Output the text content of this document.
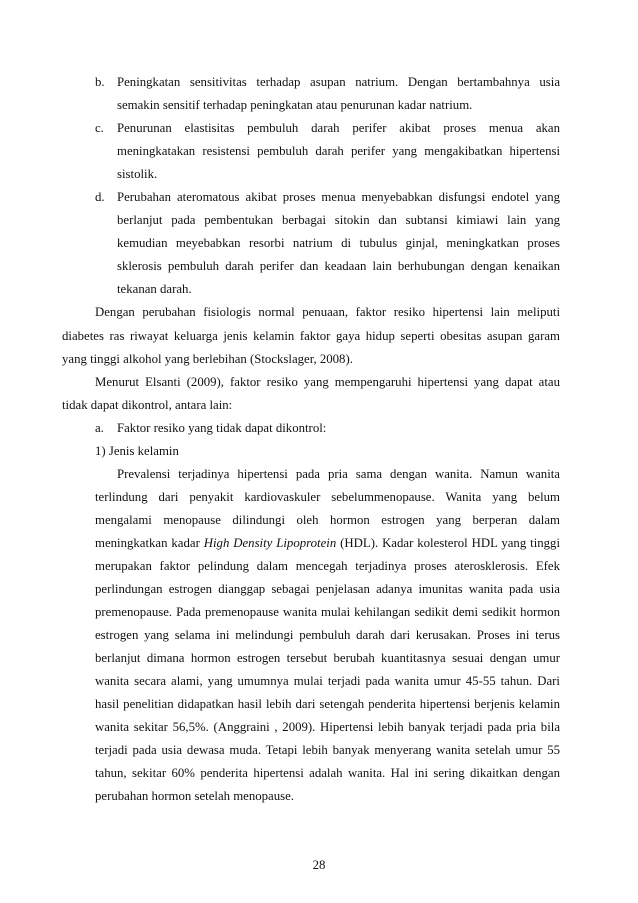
b. Peningkatan sensitivitas terhadap asupan natrium. Dengan bertambahnya usia
semakin sensitif terhadap peningkatan atau penurunan kadar natrium.
c. Penurunan elastisitas pembuluh darah perifer akibat proses menua akan
meningkatakan resistensi pembuluh darah perifer yang mengakibatkan hipertensi
sistolik.
d. Perubahan ateromatous akibat proses menua menyebabkan disfungsi endotel yang
berlanjut pada pembentukan berbagai sitokin dan subtansi kimiawi lain yang
kemudian meyebabkan resorbi natrium di tubulus ginjal, meningkatkan proses
sklerosis pembuluh darah perifer dan keadaan lain berhubungan dengan kenaikan
tekanan darah.
Dengan perubahan fisiologis normal penuaan, faktor resiko hipertensi lain meliputi
diabetes ras riwayat keluarga jenis kelamin faktor gaya hidup seperti obesitas asupan garam
yang tinggi alkohol yang berlebihan (Stockslager, 2008).
Menurut Elsanti (2009), faktor resiko yang mempengaruhi hipertensi yang dapat atau
tidak dapat dikontrol, antara lain:
a. Faktor resiko yang tidak dapat dikontrol:
1) Jenis kelamin
Prevalensi terjadinya hipertensi pada pria sama dengan wanita. Namun wanita
terlindung dari penyakit kardiovaskuler sebelummenopause. Wanita yang belum
mengalami menopause dilindungi oleh hormon estrogen yang berperan dalam
meningkatkan kadar High Density Lipoprotein (HDL). Kadar kolesterol HDL yang tinggi
merupakan faktor pelindung dalam mencegah terjadinya proses aterosklerosis. Efek
perlindungan estrogen dianggap sebagai penjelasan adanya imunitas wanita pada usia
premenopause. Pada premenopause wanita mulai kehilangan sedikit demi sedikit hormon
estrogen yang selama ini melindungi pembuluh darah dari kerusakan. Proses ini terus
berlanjut dimana hormon estrogen tersebut berubah kuantitasnya sesuai dengan umur
wanita secara alami, yang umumnya mulai terjadi pada wanita umur 45-55 tahun. Dari
hasil penelitian didapatkan hasil lebih dari setengah penderita hipertensi berjenis kelamin
wanita sekitar 56,5%. (Anggraini , 2009). Hipertensi lebih banyak terjadi pada pria bila
terjadi pada usia dewasa muda. Tetapi lebih banyak menyerang wanita setelah umur 55
tahun, sekitar 60% penderita hipertensi adalah wanita. Hal ini sering dikaitkan dengan
perubahan hormon setelah menopause.
28
